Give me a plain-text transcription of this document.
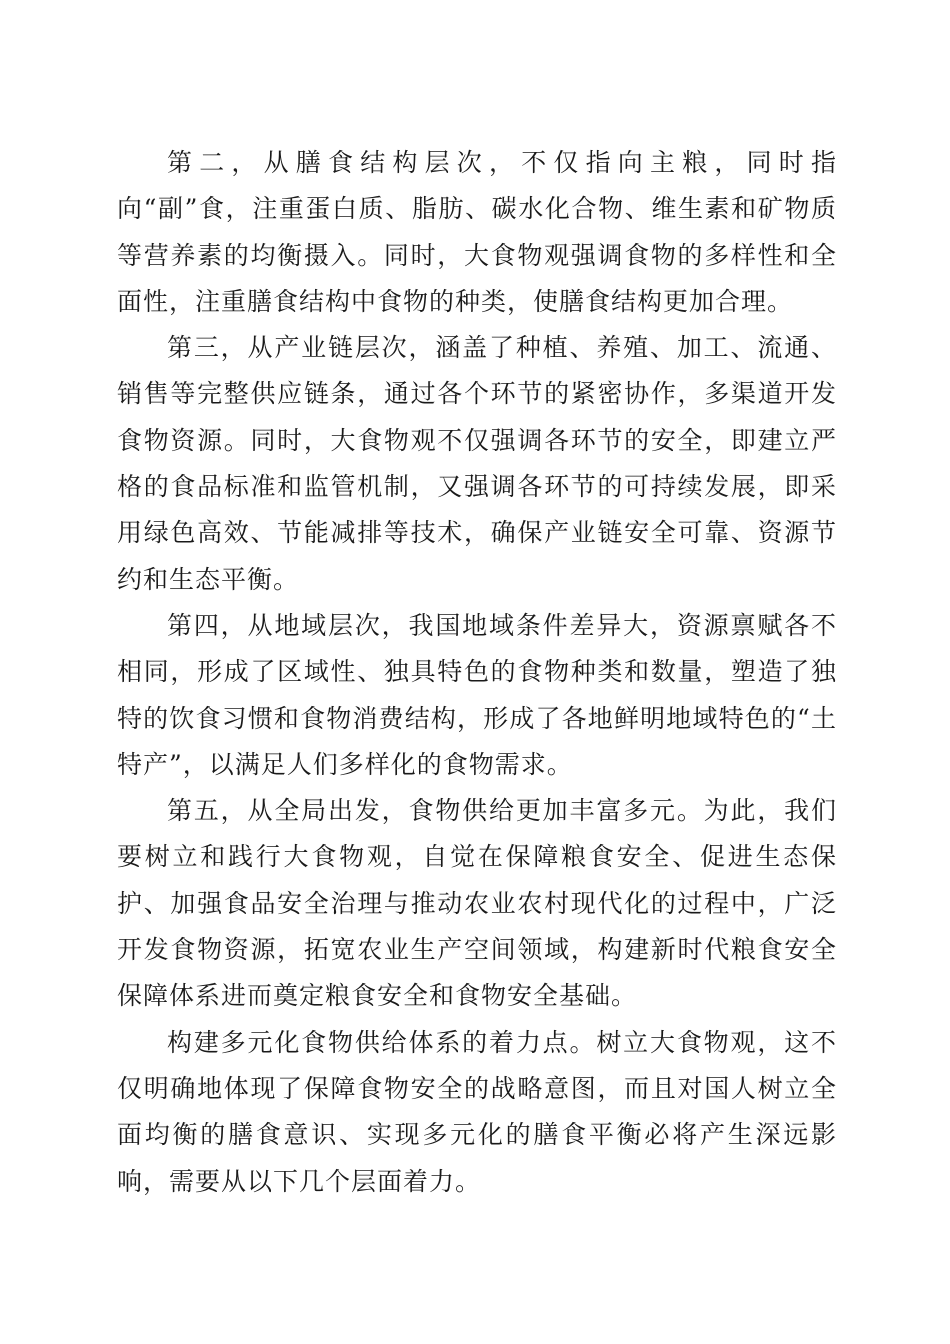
第二，从膳食结构层次，不仅指向主粮，同时指向“副”食，注重蛋白质、脂肪、碳水化合物、维生素和矿物质等营养素的均衡摄入。同时，大食物观强调食物的多样性和全面性，注重膳食结构中食物的种类，使膳食结构更加合理。

第三，从产业链层次，涵盖了种植、养殖、加工、流通、销售等完整供应链条，通过各个环节的紧密协作，多渠道开发食物资源。同时，大食物观不仅强调各环节的安全，即建立严格的食品标准和监管机制，又强调各环节的可持续发展，即采用绿色高效、节能减排等技术，确保产业链安全可靠、资源节约和生态平衡。

第四，从地域层次，我国地域条件差异大，资源禀赋各不相同，形成了区域性、独具特色的食物种类和数量，塑造了独特的饮食习惯和食物消费结构，形成了各地鲜明地域特色的“土特产”，以满足人们多样化的食物需求。

第五，从全局出发，食物供给更加丰富多元。为此，我们要树立和践行大食物观，自觉在保障粮食安全、促进生态保护、加强食品安全治理与推动农业农村现代化的过程中，广泛开发食物资源，拓宽农业生产空间领域，构建新时代粮食安全保障体系进而奠定粮食安全和食物安全基础。

构建多元化食物供给体系的着力点。树立大食物观，这不仅明确地体现了保障食物安全的战略意图，而且对国人树立全面均衡的膳食意识、实现多元化的膳食平衡必将产生深远影响，需要从以下几个层面着力。
